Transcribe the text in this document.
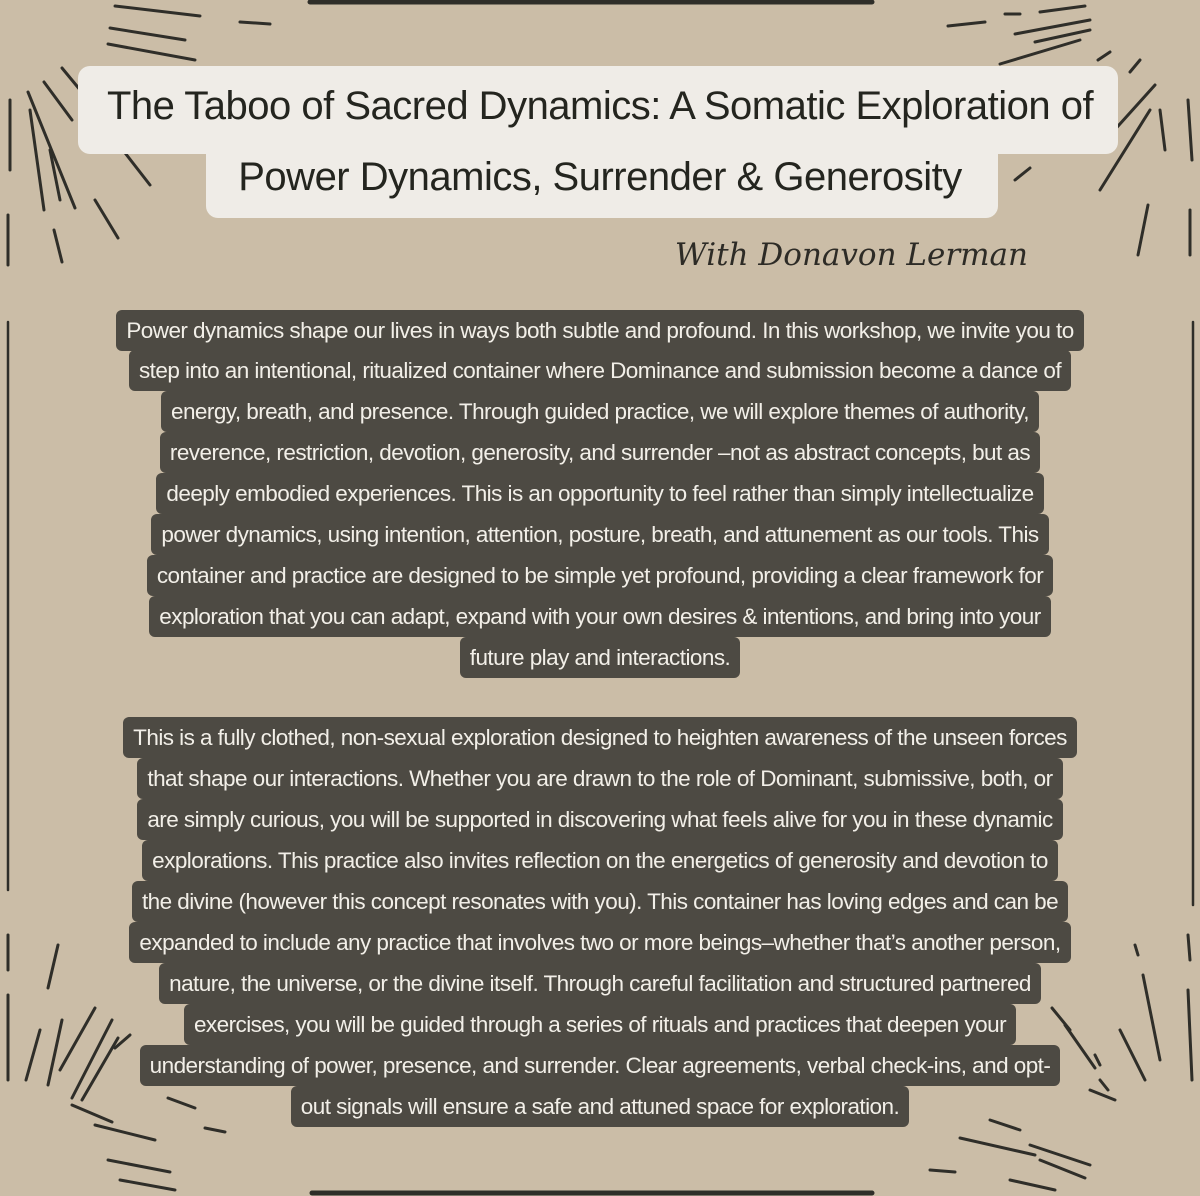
The Taboo of Sacred Dynamics: A Somatic Exploration of
Power Dynamics, Surrender & Generosity
With Donavon Lerman
Power dynamics shape our lives in ways both subtle and profound. In this workshop, we invite you to
step into an intentional, ritualized container where Dominance and submission become a dance of
energy, breath, and presence. Through guided practice, we will explore themes of authority,
reverence, restriction, devotion, generosity, and surrender –not as abstract concepts, but as
deeply embodied experiences. This is an opportunity to feel rather than simply intellectualize
power dynamics, using intention, attention, posture, breath, and attunement as our tools. This
container and practice are designed to be simple yet profound, providing a clear framework for
exploration that you can adapt, expand with your own desires & intentions, and bring into your
future play and interactions.
This is a fully clothed, non-sexual exploration designed to heighten awareness of the unseen forces
that shape our interactions. Whether you are drawn to the role of Dominant, submissive, both, or
are simply curious, you will be supported in discovering what feels alive for you in these dynamic
explorations. This practice also invites reflection on the energetics of generosity and devotion to
the divine (however this concept resonates with you). This container has loving edges and can be
expanded to include any practice that involves two or more beings–whether that’s another person,
nature, the universe, or the divine itself. Through careful facilitation and structured partnered
exercises, you will be guided through a series of rituals and practices that deepen your
understanding of power, presence, and surrender. Clear agreements, verbal check-ins, and opt-
out signals will ensure a safe and attuned space for exploration.
